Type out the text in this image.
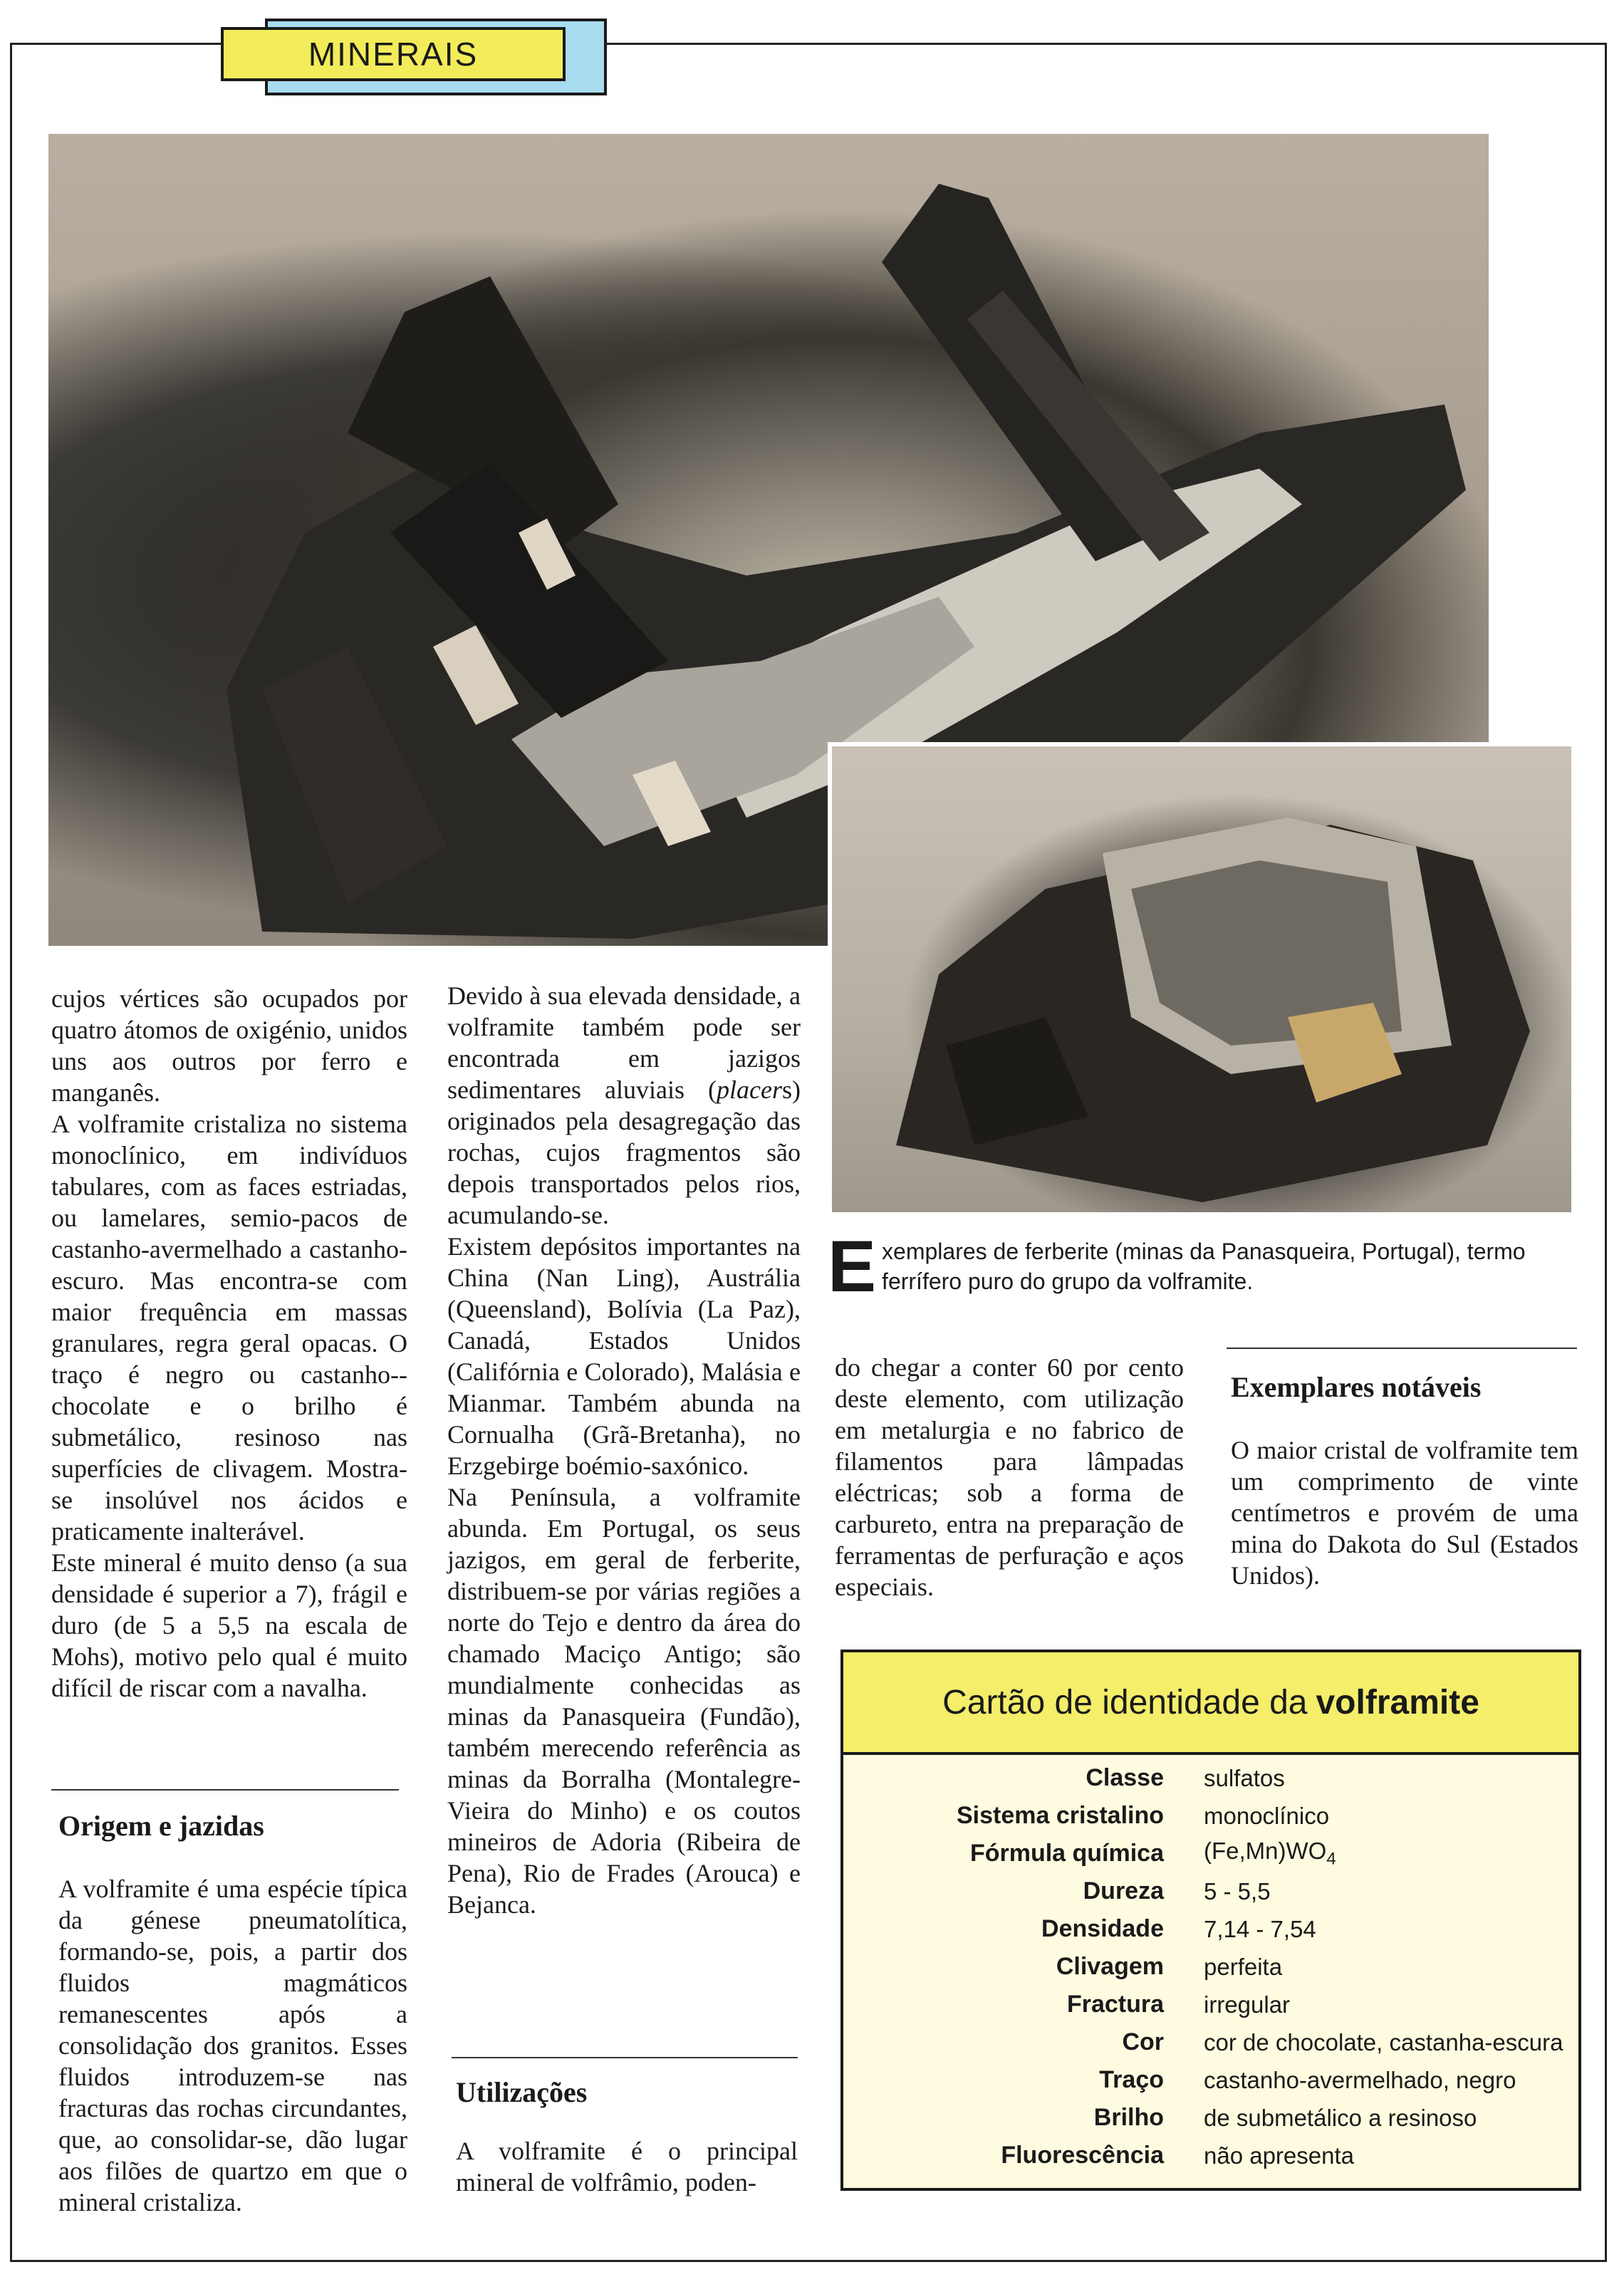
MINERAIS

cujos vértices são ocupados por quatro átomos de oxigénio, unidos uns aos outros por ferro e manganês.

A volframite cristaliza no sistema monoclínico, em indivíduos tabulares, com as faces estriadas, ou lamelares, semio-pacos de castanho-avermelhado a castanho-escuro. Mas encontra-se com maior frequência em massas granulares, regra geral opacas. O traço é negro ou castanho--chocolate e o brilho é submetálico, resinoso nas superfícies de clivagem. Mostra-se insolúvel nos ácidos e praticamente inalterável.

Este mineral é muito denso (a sua densidade é superior a 7), frágil e duro (de 5 a 5,5 na escala de Mohs), motivo pelo qual é muito difícil de riscar com a navalha.

Origem e jazidas

A volframite é uma espécie típica da génese pneumatolítica, formando-se, pois, a partir dos fluidos magmáticos remanescentes após a consolidação dos granitos. Esses fluidos introduzem-se nas fracturas das rochas circundantes, que, ao consolidar-se, dão lugar aos filões de quartzo em que o mineral cristaliza.

Devido à sua elevada densidade, a volframite também pode ser encontrada em jazigos sedimentares aluviais (placers) originados pela desagregação das rochas, cujos fragmentos são depois transportados pelos rios, acumulando-se.

Existem depósitos importantes na China (Nan Ling), Austrália (Queensland), Bolívia (La Paz), Canadá, Estados Unidos (Califórnia e Colorado), Malásia e Mianmar. Também abunda na Cornualha (Grã-Bretanha), no Erzgebirge boémio-saxónico.

Na Península, a volframite abunda. Em Portugal, os seus jazigos, em geral de ferberite, distribuem-se por várias regiões a norte do Tejo e dentro da área do chamado Maciço Antigo; são mundialmente conhecidas as minas da Panasqueira (Fundão), também merecendo referência as minas da Borralha (Montalegre-Vieira do Minho) e os coutos mineiros de Adoria (Ribeira de Pena), Rio de Frades (Arouca) e Bejanca.

Utilizações

A volframite é o principal mineral de volfrâmio, poden-

E xemplares de ferberite (minas da Panasqueira, Portugal), termo ferrífero puro do grupo da volframite.

do chegar a conter 60 por cento deste elemento, com utilização em metalurgia e no fabrico de filamentos para lâmpadas eléctricas; sob a forma de carbureto, entra na preparação de ferramentas de perfuração e aços especiais.

Exemplares notáveis

O maior cristal de volframite tem um comprimento de vinte centímetros e provém de uma mina do Dakota do Sul (Estados Unidos).

Cartão de identidade da volframite
Classe sulfatos
Sistema cristalino monoclínico
Fórmula química $(Fe,Mn)WO_4$
Dureza 5 - 5,5
Densidade 7,14 - 7,54
Clivagem perfeita
Fractura irregular
Cor cor de chocolate, castanha-escura
Traço castanho-avermelhado, negro
Brilho de submetálico a resinoso
Fluorescência não apresenta
